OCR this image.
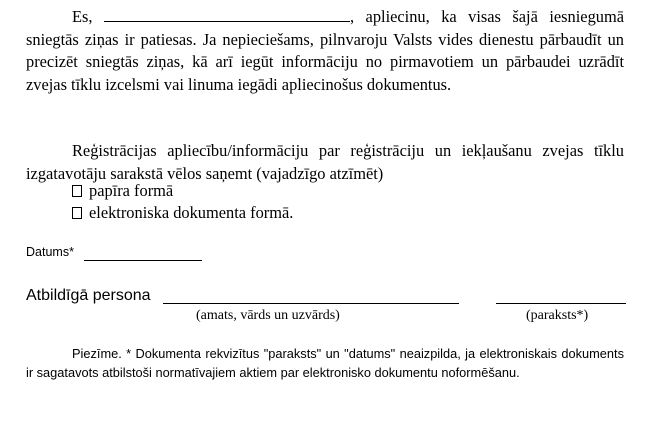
Es,	, apliecinu, ka visas šajā iesniegumā sniegtās ziņas ir patiesas. Ja nepieciešams, pilnvaroju Valsts vides dienestu pārbaudīt un precizēt sniegtās ziņas, kā arī iegūt informāciju no pirmavotiem un pārbaudei uzrādīt zvejas tīklu izcelsmi vai linuma iegādi apliecinošus dokumentus.
Reģistrācijas apliecību/informāciju par reģistrāciju un iekļaušanu zvejas tīklu izgatavotāju sarakstā vēlos saņemt (vajadzīgo atzīmēt)
papīra formā
elektroniska dokumenta formā.
Datums*
Atbildīgā persona
(amats, vārds un uzvārds)	(paraksts*)
Piezīme. * Dokumenta rekvizītus "paraksts" un "datums" neaizpilda, ja elektroniskais dokuments ir sagatavots atbilstoši normatīvajiem aktiem par elektronisko dokumentu noformēšanu.
